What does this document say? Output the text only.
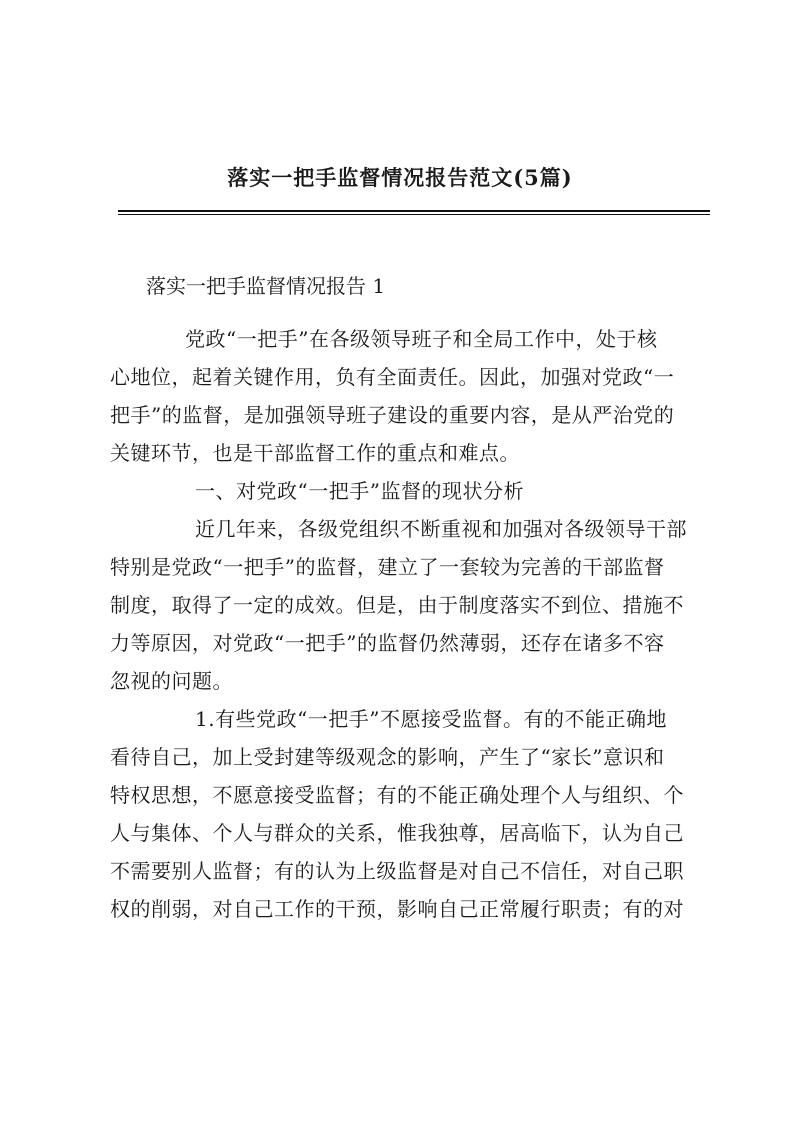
落实一把手监督情况报告范文(5篇)
落实一把手监督情况报告 1

党政“一把手”在各级领导班子和全局工作中，处于核
心地位，起着关键作用，负有全面责任。因此，加强对党政“一
把手”的监督，是加强领导班子建设的重要内容，是从严治党的
关键环节，也是干部监督工作的重点和难点。

一、对党政“一把手”监督的现状分析

近几年来，各级党组织不断重视和加强对各级领导干部
特别是党政“一把手”的监督，建立了一套较为完善的干部监督
制度，取得了一定的成效。但是，由于制度落实不到位、措施不
力等原因，对党政“一把手”的监督仍然薄弱，还存在诸多不容
忽视的问题。

1.有些党政“一把手”不愿接受监督。有的不能正确地
看待自己，加上受封建等级观念的影响，产生了“家长”意识和
特权思想，不愿意接受监督；有的不能正确处理个人与组织、个
人与集体、个人与群众的关系，惟我独尊，居高临下，认为自己
不需要别人监督；有的认为上级监督是对自己不信任，对自己职
权的削弱，对自己工作的干预，影响自己正常履行职责；有的对
